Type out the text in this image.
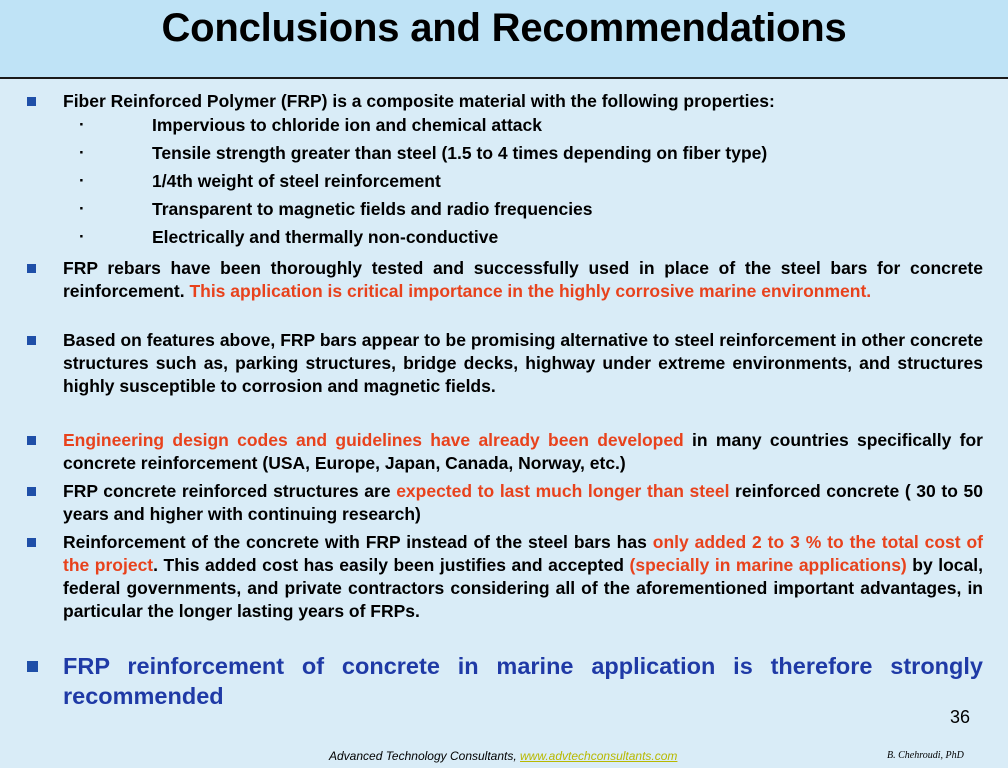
Conclusions and Recommendations
Fiber Reinforced Polymer (FRP) is a composite material with the following properties:
·	Impervious to chloride ion and chemical attack
·	Tensile strength greater than steel (1.5 to 4 times depending on fiber type)
·	1/4th weight of steel reinforcement
·	Transparent to magnetic fields and radio frequencies
·	Electrically and thermally non-conductive
FRP rebars have been thoroughly tested and successfully used in place of the steel bars for concrete reinforcement. This application is critical importance in the highly corrosive marine environment.
Based on features above, FRP bars appear to be promising alternative to steel reinforcement in other concrete structures such as, parking structures, bridge decks, highway under extreme environments, and structures highly susceptible to corrosion and magnetic fields.
Engineering design codes and guidelines have already been developed in many countries specifically for concrete reinforcement (USA, Europe, Japan, Canada, Norway, etc.)
FRP concrete reinforced structures are expected to last much longer than steel reinforced concrete ( 30 to 50 years and higher with continuing research)
Reinforcement of the concrete with FRP instead of the steel bars has only added 2 to 3 % to the total cost of the project. This added cost has easily been justifies and accepted (specially in marine applications) by local, federal governments, and private contractors considering all of the aforementioned important advantages, in particular the longer lasting years of FRPs.
FRP reinforcement of concrete in marine application is therefore strongly recommended
36
Advanced Technology Consultants, www.advtechconsultants.com	B. Chehroudi, PhD
